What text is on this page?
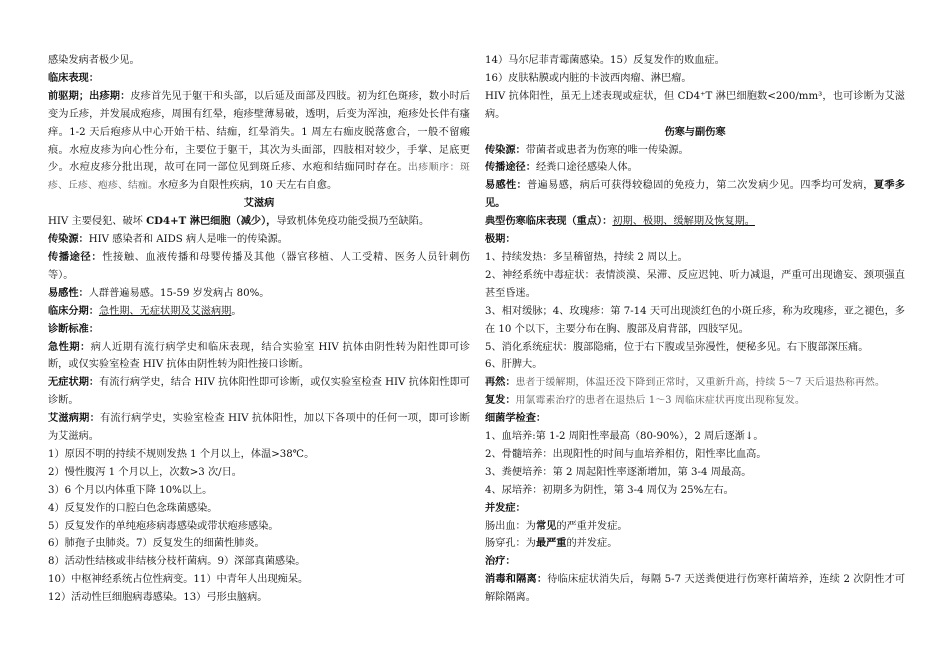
感染发病者极少见。

临床表现：

前驱期；出疹期：皮疹首先见于躯干和头部，以后延及面部及四肢。初为红色斑疹，数小时后变为丘疹，并发展成疱疹，周围有红晕，疱疹壁薄易破，透明，后变为浑浊，疱疹处长伴有瘙痒。1-2 天后疱疹从中心开始干枯、结痂，红晕消失。1 周左右痂皮脱落愈合，一般不留瘢痕。水痘皮疹为向心性分布，主要位于躯干，其次为头面部，四肢相对较少，手掌、足底更少。水痘皮疹分批出现，故可在同一部位见到斑丘疹、水疱和结痂同时存在。出疹顺序：斑疹、丘疹、疱疹、结痂。水痘多为自限性疾病，10 天左右自愈。

艾滋病

HIV 主要侵犯、破坏 CD4+T 淋巴细胞（减少），导致机体免疫功能受损乃至缺陷。

传染源：HIV 感染者和 AIDS 病人是唯一的传染源。

传播途径：性接触、血液传播和母婴传播及其他（器官移植、人工受精、医务人员针刺伤等）。

易感性：人群普遍易感。15-59 岁发病占 80%。

临床分期：急性期、无症状期及艾滋病期。

诊断标准：

急性期：病人近期有流行病学史和临床表现，结合实验室 HIV 抗体由阴性转为阳性即可诊断，或仅实验室检查 HIV 抗体由阴性转为阳性接口诊断。

无症状期：有流行病学史，结合 HIV 抗体阳性即可诊断，或仅实验室检查 HIV 抗体阳性即可诊断。

艾滋病期：有流行病学史，实验室检查 HIV 抗体阳性，加以下各项中的任何一项，即可诊断为艾滋病。

1）原因不明的持续不规则发热 1 个月以上，体温>38℃。

2）慢性腹泻 1 个月以上，次数>3 次/日。

3）6 个月以内体重下降 10%以上。

4）反复发作的口腔白色念珠菌感染。

5）反复发作的单纯疱疹病毒感染或带状疱疹感染。

6）肺孢子虫肺炎。7）反复发生的细菌性肺炎。

8）活动性结核或非结核分枝杆菌病。9）深部真菌感染。

10）中枢神经系统占位性病变。11）中青年人出现痴呆。

12）活动性巨细胞病毒感染。13）弓形虫脑病。

14）马尔尼菲青霉菌感染。15）反复发作的败血症。

16）皮肤粘膜或内脏的卡波西肉瘤、淋巴瘤。

HIV 抗体阳性，虽无上述表现或症状，但 CD4⁺T 淋巴细胞数<200/mm³，也可诊断为艾滋病。

伤寒与副伤寒

传染源：带菌者或患者为伤寒的唯一传染源。

传播途径：经粪口途径感染人体。

易感性：普遍易感，病后可获得较稳固的免疫力，第二次发病少见。四季均可发病，夏季多见。

典型伤寒临床表现（重点）：初期、极期、缓解期及恢复期。

极期：

1、持续发热：多呈稽留热，持续 2 周以上。

2、神经系统中毒症状：表情淡漠、呆滞、反应迟钝、听力减退，严重可出现谵妄、颈项强直甚至昏迷。

3、相对缓脉；4、玫瑰疹：第 7-14 天可出现淡红色的小斑丘疹，称为玫瑰疹，亚之褪色，多在 10 个以下，主要分布在胸、腹部及肩背部，四肢罕见。

5、消化系统症状：腹部隐痛，位于右下腹或呈弥漫性，便秘多见。右下腹部深压痛。

6、肝脾大。

再然：患者于缓解期，体温还没下降到正常时，又重新升高，持续 5～7 天后退热称再然。

复发：用氯霉素治疗的患者在退热后 1～3 周临床症状再度出现称复发。

细菌学检查：

1、血培养:第 1-2 周阳性率最高（80-90%），2 周后逐渐↓。

2、骨髓培养：出现阳性的时间与血培养相仿，阳性率比血高。

3、粪便培养：第 2 周起阳性率逐渐增加，第 3-4 周最高。

4、尿培养：初期多为阴性，第 3-4 周仅为 25%左右。

并发症：

肠出血：为常见的严重并发症。

肠穿孔：为最严重的并发症。

治疗：

消毒和隔离：待临床症状消失后，每隔 5-7 天送粪便进行伤寒杆菌培养，连续 2 次阴性才可解除隔离。
